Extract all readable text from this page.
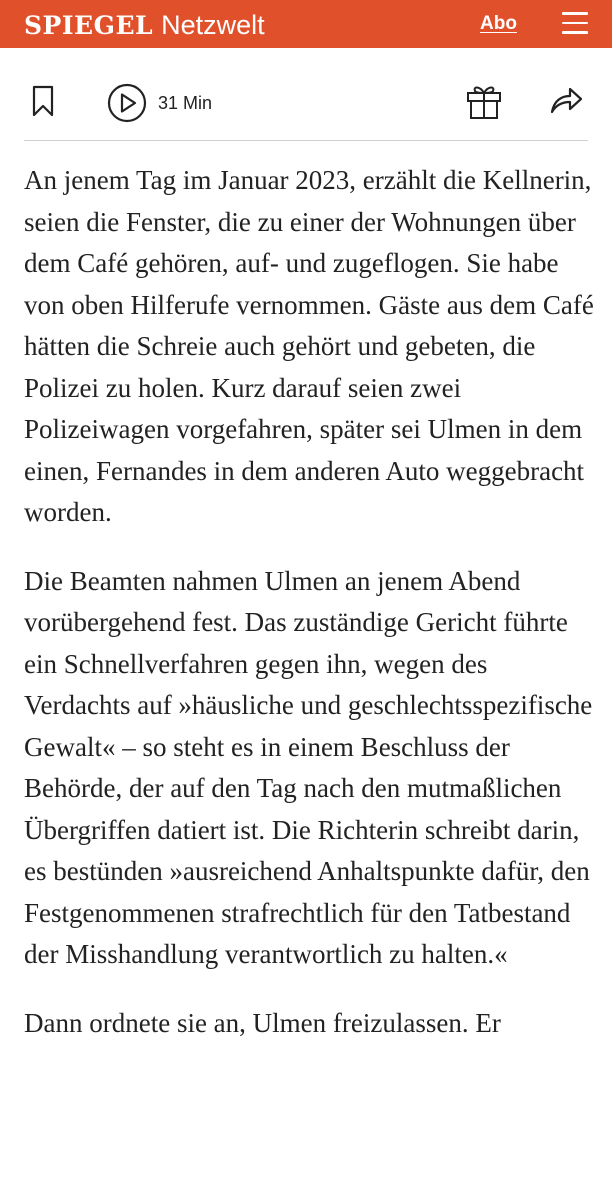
SPIEGEL Netzwelt	Abo
31 Min

An jenem Tag im Januar 2023, erzählt die Kellnerin, seien die Fenster, die zu einer der Wohnungen über dem Café gehören, auf- und zugeflogen. Sie habe von oben Hilferufe vernommen. Gäste aus dem Café hätten die Schreie auch gehört und gebeten, die Polizei zu holen. Kurz darauf seien zwei Polizeiwagen vorgefahren, später sei Ulmen in dem einen, Fernandes in dem anderen Auto weggebracht worden.

Die Beamten nahmen Ulmen an jenem Abend vorübergehend fest. Das zuständige Gericht führte ein Schnellverfahren gegen ihn, wegen des Verdachts auf »häusliche und geschlechtsspezifische Gewalt« – so steht es in einem Beschluss der Behörde, der auf den Tag nach den mutmaßlichen Übergriffen datiert ist. Die Richterin schreibt darin, es bestünden »ausreichend Anhaltspunkte dafür, den Festgenommenen strafrechtlich für den Tatbestand der Misshandlung verantwortlich zu halten.«

Dann ordnete sie an, Ulmen freizulassen. Er
